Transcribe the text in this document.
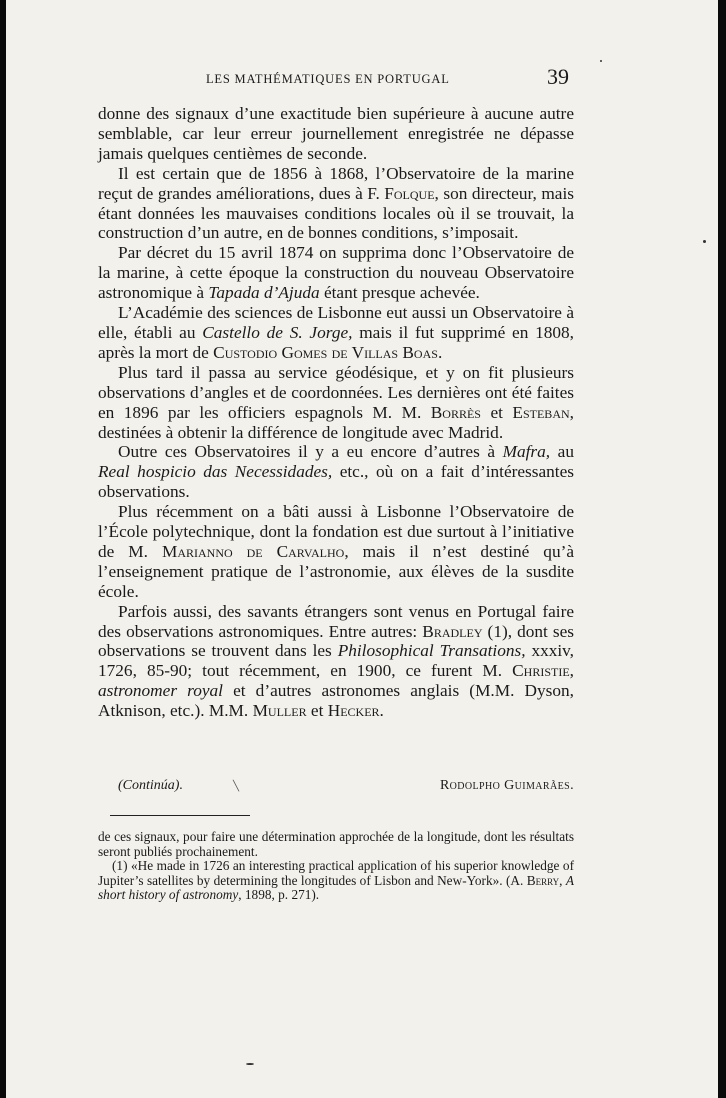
LES MATHÉMATIQUES EN PORTUGAL	39

donne des signaux d’une exactitude bien supérieure à aucune autre semblable, car leur erreur journellement enregistrée ne dépasse jamais quelques centièmes de seconde.

Il est certain que de 1856 à 1868, l’Observatoire de la marine reçut de grandes améliorations, dues à F. Folque, son directeur, mais étant données les mauvaises conditions locales où il se trouvait, la construction d’un autre, en de bonnes conditions, s’imposait.

Par décret du 15 avril 1874 on supprima donc l’Observatoire de la marine, à cette époque la construction du nouveau Observatoire astronomique à Tapada d’Ajuda étant presque achevée.

L’Académie des sciences de Lisbonne eut aussi un Observatoire à elle, établi au Castello de S. Jorge, mais il fut supprimé en 1808, après la mort de Custodio Gomes de Villas Boas.

Plus tard il passa au service géodésique, et y on fit plusieurs observations d’angles et de coordonnées. Les dernières ont été faites en 1896 par les officiers espagnols M. M. Borrès et Esteban, destinées à obtenir la différence de longitude avec Madrid.

Outre ces Observatoires il y a eu encore d’autres à Mafra, au Real hospicio das Necessidades, etc., où on a fait d’intéressantes observations.

Plus récemment on a bâti aussi à Lisbonne l’Observatoire de l’École polytechnique, dont la fondation est due surtout à l’initiative de M. Marianno de Carvalho, mais il n’est destiné qu’à l’enseignement pratique de l’astronomie, aux élèves de la susdite école.

Parfois aussi, des savants étrangers sont venus en Portugal faire des observations astronomiques. Entre autres: Bradley (1), dont ses observations se trouvent dans les Philosophical Transations, xxxiv, 1726, 85-90; tout récemment, en 1900, ce furent M. Christie, astronomer royal et d’autres astronomes anglais (M.M. Dyson, Atknison, etc.). M.M. Muller et Hecker.

(Continúa).	╲	Rodolpho Guimarães.

de ces signaux, pour faire une détermination approchée de la longitude, dont les résultats seront publiés prochainement.

(1) «He made in 1726 an interesting practical application of his superior knowledge of Jupiter’s satellites by determining the longitudes of Lisbon and New-York». (A. Berry, A short history of astronomy, 1898, p. 271).
